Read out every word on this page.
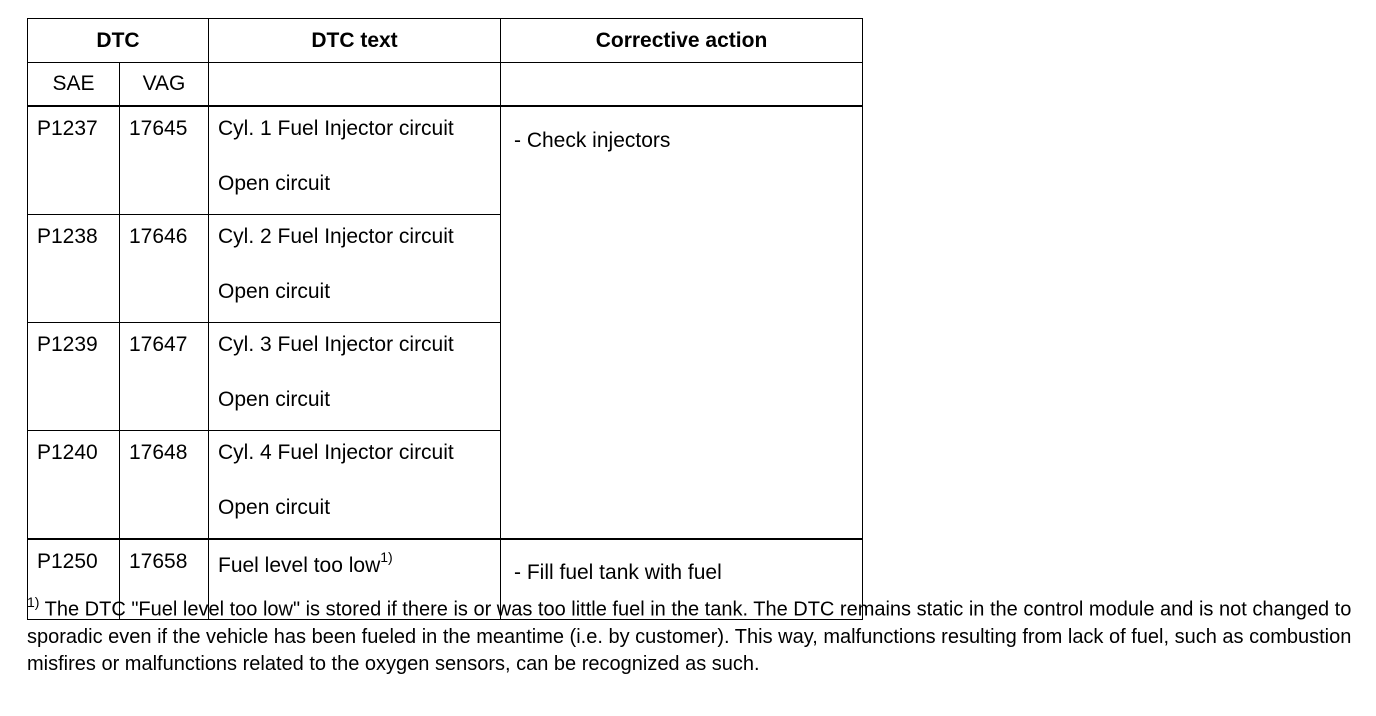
DTC		DTC text	Corrective action
SAE	VAG		
P1237	17645	Cyl. 1 Fuel Injector circuit
Open circuit	- Check injectors
P1238	17646	Cyl. 2 Fuel Injector circuit
Open circuit	

P1239	17647	Cyl. 3 Fuel Injector circuit
Open circuit	

P1240	17648	Cyl. 4 Fuel Injector circuit
Open circuit	

P1250	17658	Fuel level too low$^{1)}$	- Fill fuel tank with fuel
$^{1)}$ The DTC "Fuel level too low" is stored if there is or was too little fuel in the tank. The DTC remains static in the control module and is not changed to sporadic even if the vehicle has been fueled in the meantime (i.e. by customer). This way, malfunctions resulting from lack of fuel, such as combustion misfires or malfunctions related to the oxygen sensors, can be recognized as such.
